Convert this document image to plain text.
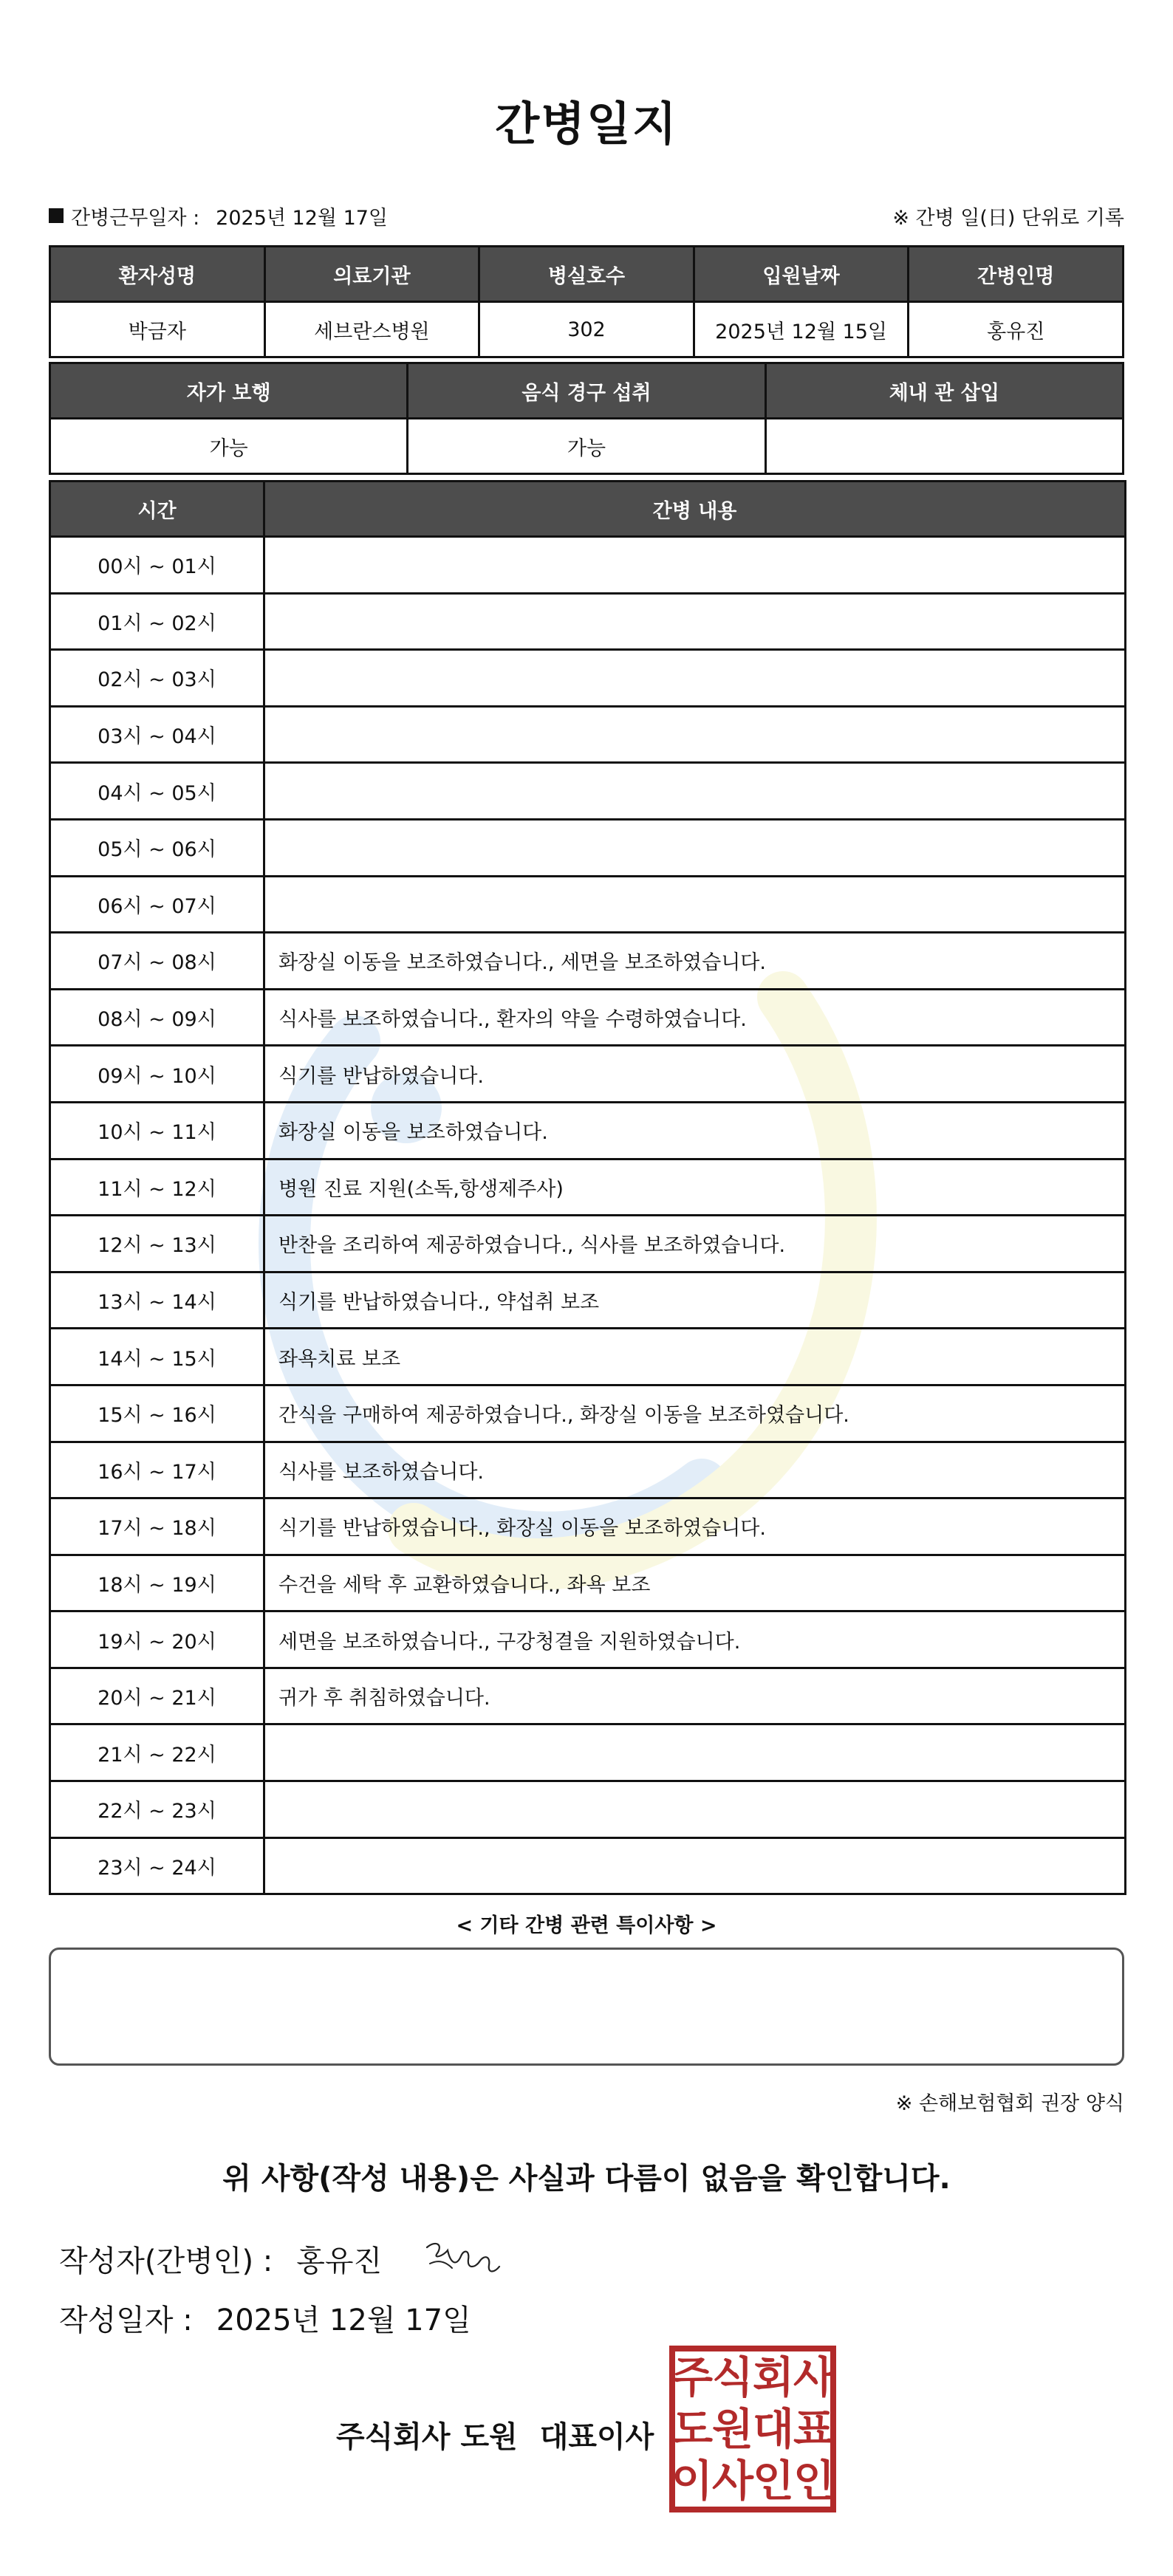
간병일지
간병근무일자 : 2025년 12월 17일	※ 간병 일(日) 단위로 기록
환자성명	의료기관	병실호수	입원날짜	간병인명
박금자	세브란스병원	302	2025년 12월 15일	홍유진
자가 보행	음식 경구 섭취	체내 관 삽입
가능	가능	
시간	간병 내용
00시 ~ 01시	
01시 ~ 02시	
02시 ~ 03시	
03시 ~ 04시	
04시 ~ 05시	
05시 ~ 06시	
06시 ~ 07시	
07시 ~ 08시	화장실 이동을 보조하였습니다., 세면을 보조하였습니다.
08시 ~ 09시	식사를 보조하였습니다., 환자의 약을 수령하였습니다.
09시 ~ 10시	식기를 반납하였습니다.
10시 ~ 11시	화장실 이동을 보조하였습니다.
11시 ~ 12시	병원 진료 지원(소독,항생제주사)
12시 ~ 13시	반찬을 조리하여 제공하였습니다., 식사를 보조하였습니다.
13시 ~ 14시	식기를 반납하였습니다., 약섭취 보조
14시 ~ 15시	좌욕치료 보조
15시 ~ 16시	간식을 구매하여 제공하였습니다., 화장실 이동을 보조하였습니다.
16시 ~ 17시	식사를 보조하였습니다.
17시 ~ 18시	식기를 반납하였습니다., 화장실 이동을 보조하였습니다.
18시 ~ 19시	수건을 세탁 후 교환하였습니다., 좌욕 보조
19시 ~ 20시	세면을 보조하였습니다., 구강청결을 지원하였습니다.
20시 ~ 21시	귀가 후 취침하였습니다.
21시 ~ 22시	
22시 ~ 23시	
23시 ~ 24시	
< 기타 간병 관련 특이사항 >
※ 손해보험협회 권장 양식
위 사항(작성 내용)은 사실과 다름이 없음을 확인합니다.
작성자(간병인) : 홍유진
작성일자 : 2025년 12월 17일
주식회사 도원 대표이사
주
식
회
사
도
원
대
표
이
사
인
인
